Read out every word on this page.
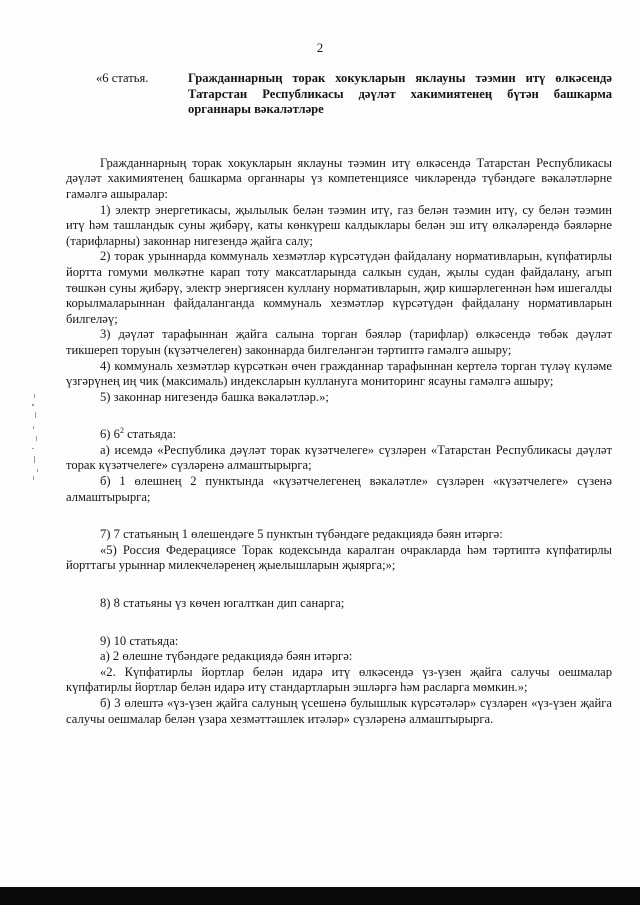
2
«6 статья.	Гражданнарның торак хокукларын яклауны тәэмин итү өлкәсендә Татарстан Республикасы дәүләт хакимиятенең бүтән башкарма органнары вәкаләтләре

Гражданнарның торак хокукларын яклауны тәэмин итү өлкәсендә Татарстан Республикасы дәүләт хакимиятенең башкарма органнары үз компетенциясе чикләрендә түбәндәге вәкаләтләрне гамәлгә ашыралар:

1) электр энергетикасы, җылылык белән тәэмин итү, газ белән тәэмин итү, су белән тәэмин итү һәм ташландык суны җибәрү, каты көнкүреш калдыклары белән эш итү өлкәләрендә бәяләрне (тарифларны) законнар нигезендә җайга салу;

2) торак урыннарда коммуналь хезмәтләр күрсәтүдән файдалану нормативларын, күпфатирлы йортта гомуми мөлкәтне карап тоту максатларында салкын судан, җылы судан файдалану, агып төшкән суны җибәрү, электр энергиясен куллану нормативларын, җир кишәрлегеннән һәм ишегалды корылмаларыннан файдаланганда коммуналь хезмәтләр күрсәтүдән файдалану нормативларын билгеләү;

3) дәүләт тарафыннан җайга салына торган бәяләр (тарифлар) өлкәсендә төбәк дәүләт тикшереп торуын (күзәтчелеген) законнарда билгеләнгән тәртиптә гамәлгә ашыру;

4) коммуналь хезмәтләр күрсәткән өчен гражданнар тарафыннан кертелә торган түләү күләме үзгәрүнең иң чик (максималь) индексларын куллануга мониторинг ясауны гамәлгә ашыру;

5) законнар нигезендә башка вәкаләтләр.»;

6) $6^2$ статьяда:

а) исемдә «Республика дәүләт торак күзәтчелеге» сүзләрен «Татарстан Республикасы дәүләт торак күзәтчелеге» сүзләренә алмаштырырга;

б) 1 өлешнең 2 пунктында «күзәтчелегенең вәкаләтле» сүзләрен «күзәтчелеге» сүзенә алмаштырырга;

7) 7 статьяның 1 өлешендәге 5 пунктын түбәндәге редакциядә бәян итәргә:

«5) Россия Федерациясе Торак кодексында каралган очракларда һәм тәртиптә күпфатирлы йорттагы урыннар милекчеләренең җыелышларын җыярга;»;

8) 8 статьяны үз көчен югалткан дип санарга;

9) 10 статьяда:

а) 2 өлешне түбәндәге редакциядә бәян итәргә:

«2. Күпфатирлы йортлар белән идарә итү өлкәсендә үз-үзен җайга салучы оешмалар күпфатирлы йортлар белән идарә итү стандартларын эшләргә һәм расларга мөмкин.»;

б) 3 өлештә «үз-үзен җайга салуның үсешенә булышлык күрсәтәләр» сүзләрен «үз-үзен җайга салучы оешмалар белән үзара хезмәттәшлек итәләр» сүзләренә алмаштырырга.
